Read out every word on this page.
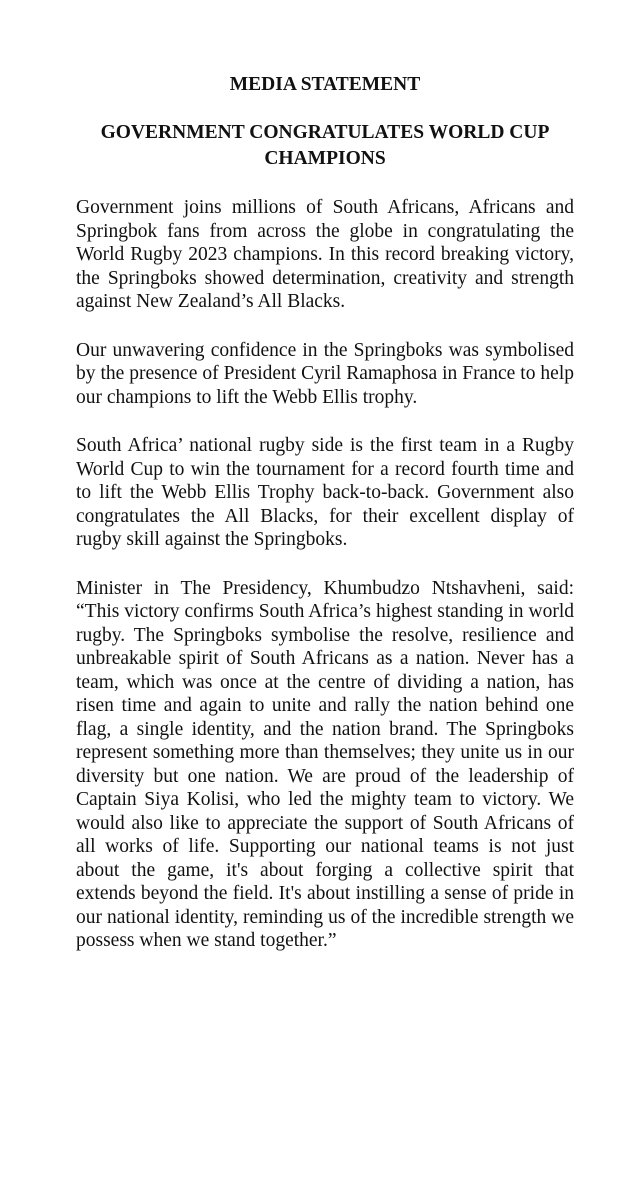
MEDIA STATEMENT
GOVERNMENT CONGRATULATES WORLD CUP CHAMPIONS

Government joins millions of South Africans, Africans and Springbok fans from across the globe in congratulating the World Rugby 2023 champions. In this record breaking victory, the Springboks showed determination, creativity and strength against New Zealand’s All Blacks.

Our unwavering confidence in the Springboks was symbolised by the presence of President Cyril Ramaphosa in France to help our champions to lift the Webb Ellis trophy.

South Africa’ national rugby side is the first team in a Rugby World Cup to win the tournament for a record fourth time and to lift the Webb Ellis Trophy back-to-back. Government also congratulates the All Blacks, for their excellent display of rugby skill against the Springboks.

Minister in The Presidency, Khumbudzo Ntshavheni, said: “This victory confirms South Africa’s highest standing in world rugby. The Springboks symbolise the resolve, resilience and unbreakable spirit of South Africans as a nation. Never has a team, which was once at the centre of dividing a nation, has risen time and again to unite and rally the nation behind one flag, a single identity, and the nation brand. The Springboks represent something more than themselves; they unite us in our diversity but one nation. We are proud of the leadership of Captain Siya Kolisi, who led the mighty team to victory. We would also like to appreciate the support of South Africans of all works of life. Supporting our national teams is not just about the game, it's about forging a collective spirit that extends beyond the field. It's about instilling a sense of pride in our national identity, reminding us of the incredible strength we possess when we stand together.”
